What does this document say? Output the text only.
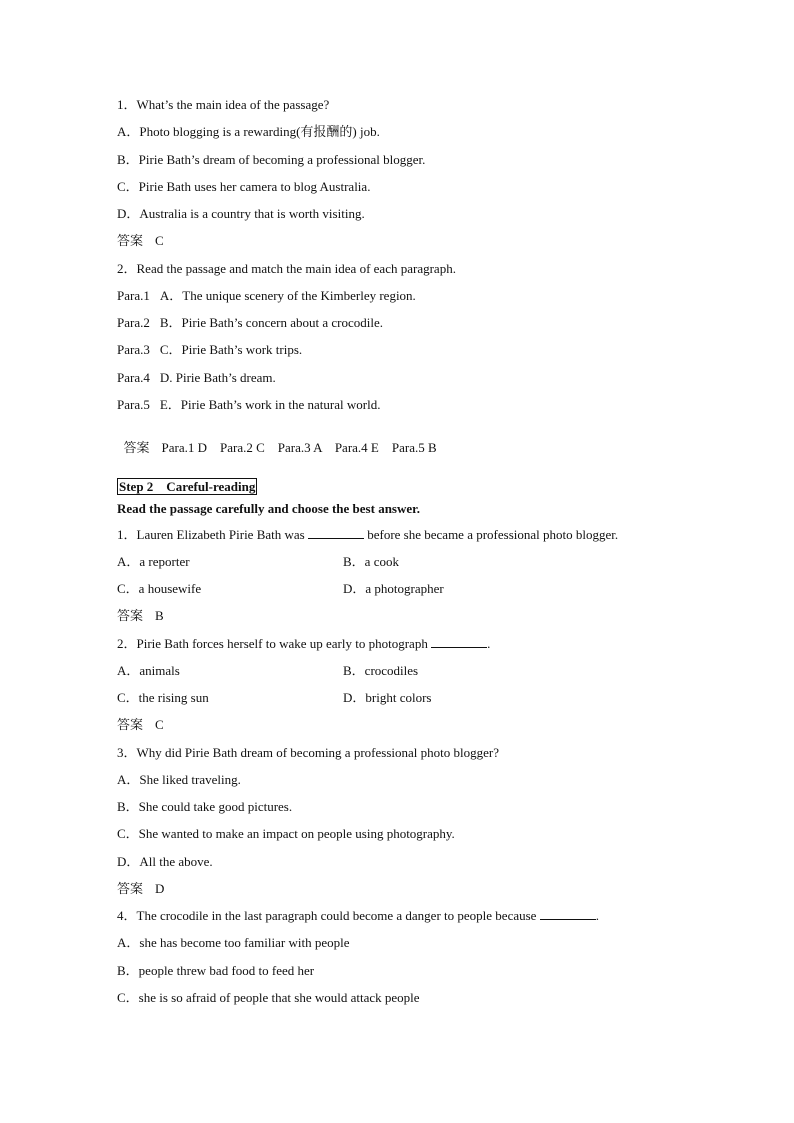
1．What’s the main idea of the passage?
A．Photo blogging is a rewarding(有报酬的) job.
B．Pirie Bath’s dream of becoming a professional blogger.
C．Pirie Bath uses her camera to blog Australia.
D．Australia is a country that is worth visiting.
答案 C
2．Read the passage and match the main idea of each paragraph.
Para.1 A．The unique scenery of the Kimberley region.
Para.2 B．Pirie Bath’s concern about a crocodile.
Para.3 C．Pirie Bath’s work trips.
Para.4 D. Pirie Bath’s dream.
Para.5 E．Pirie Bath’s work in the natural world.

答案 Para.1 D    Para.2 C    Para.3 A    Para.4 E    Para.5 B

Step 2　Careful-reading
Read the passage carefully and choose the best answer.
1．Lauren Elizabeth Pirie Bath was	before she became a professional photo blogger.
A．a reporter	B．a cook
C．a housewife	D．a photographer
答案 B
2．Pirie Bath forces herself to wake up early to photograph	.
A．animals	B．crocodiles
C．the rising sun	D．bright colors
答案 C
3．Why did Pirie Bath dream of becoming a professional photo blogger?
A．She liked traveling.
B．She could take good pictures.
C．She wanted to make an impact on people using photography.
D．All the above.
答案 D
4．The crocodile in the last paragraph could become a danger to people because	.
A．she has become too familiar with people
B．people threw bad food to feed her
C．she is so afraid of people that she would attack people
